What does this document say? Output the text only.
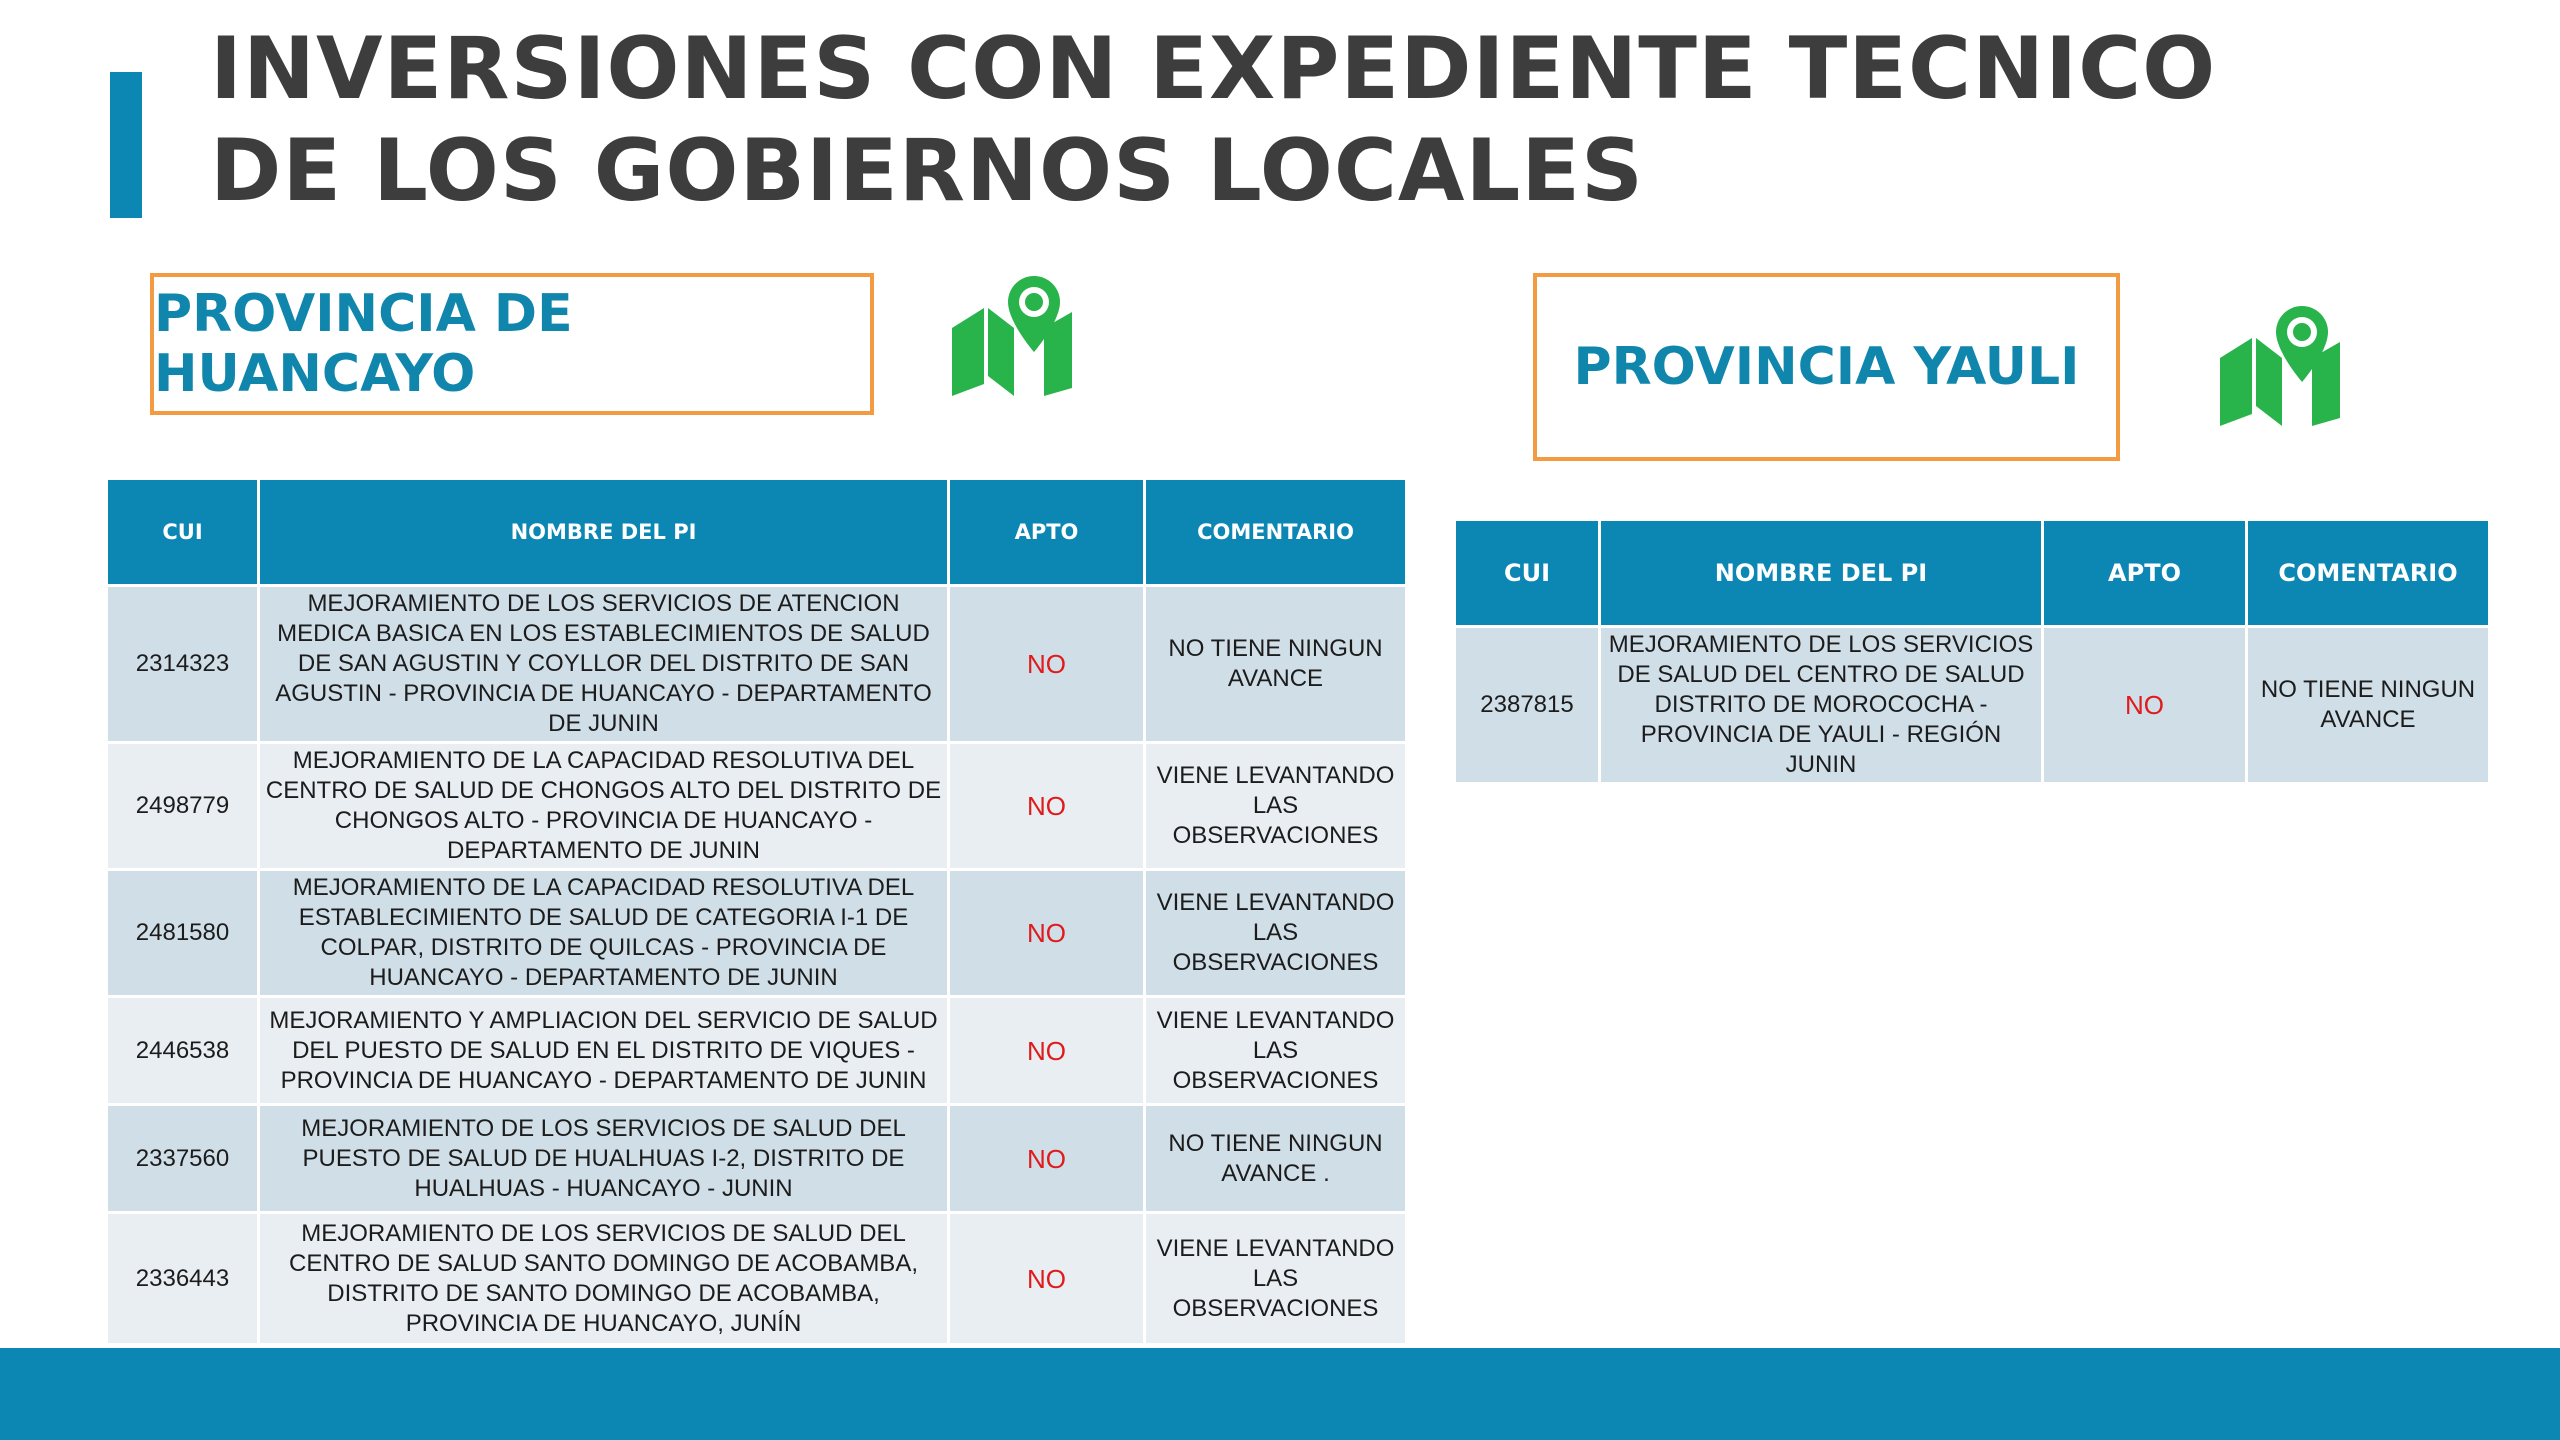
INVERSIONES CON EXPEDIENTE TECNICO DE LOS GOBIERNOS LOCALES
PROVINCIA DE HUANCAYO	PROVINCIA YAULI
CUI	NOMBRE DEL PI	APTO	COMENTARIO
2314323	MEJORAMIENTO DE LOS SERVICIOS DE ATENCION MEDICA BASICA EN LOS ESTABLECIMIENTOS DE SALUD DE SAN AGUSTIN Y COYLLOR DEL DISTRITO DE SAN AGUSTIN - PROVINCIA DE HUANCAYO - DEPARTAMENTO DE JUNIN	NO	NO TIENE NINGUN AVANCE
2498779	MEJORAMIENTO DE LA CAPACIDAD RESOLUTIVA DEL CENTRO DE SALUD DE CHONGOS ALTO DEL DISTRITO DE CHONGOS ALTO - PROVINCIA DE HUANCAYO - DEPARTAMENTO DE JUNIN	NO	VIENE LEVANTANDO LAS OBSERVACIONES
2481580	MEJORAMIENTO DE LA CAPACIDAD RESOLUTIVA DEL ESTABLECIMIENTO DE SALUD DE CATEGORIA I-1 DE COLPAR, DISTRITO DE QUILCAS - PROVINCIA DE HUANCAYO - DEPARTAMENTO DE JUNIN	NO	VIENE LEVANTANDO LAS OBSERVACIONES
2446538	MEJORAMIENTO Y AMPLIACION DEL SERVICIO DE SALUD DEL PUESTO DE SALUD EN EL DISTRITO DE VIQUES - PROVINCIA DE HUANCAYO - DEPARTAMENTO DE JUNIN	NO	VIENE LEVANTANDO LAS OBSERVACIONES
2337560	MEJORAMIENTO DE LOS SERVICIOS DE SALUD DEL PUESTO DE SALUD DE HUALHUAS I-2, DISTRITO DE HUALHUAS - HUANCAYO - JUNIN	NO	NO TIENE NINGUN AVANCE .
2336443	MEJORAMIENTO DE LOS SERVICIOS DE SALUD DEL CENTRO DE SALUD SANTO DOMINGO DE ACOBAMBA, DISTRITO DE SANTO DOMINGO DE ACOBAMBA, PROVINCIA DE HUANCAYO, JUNÍN	NO	VIENE LEVANTANDO LAS OBSERVACIONES
CUI	NOMBRE DEL PI	APTO	COMENTARIO
2387815	MEJORAMIENTO DE LOS SERVICIOS DE SALUD DEL CENTRO DE SALUD DISTRITO DE MOROCOCHA - PROVINCIA DE YAULI - REGIÓN JUNIN	NO	NO TIENE NINGUN AVANCE
